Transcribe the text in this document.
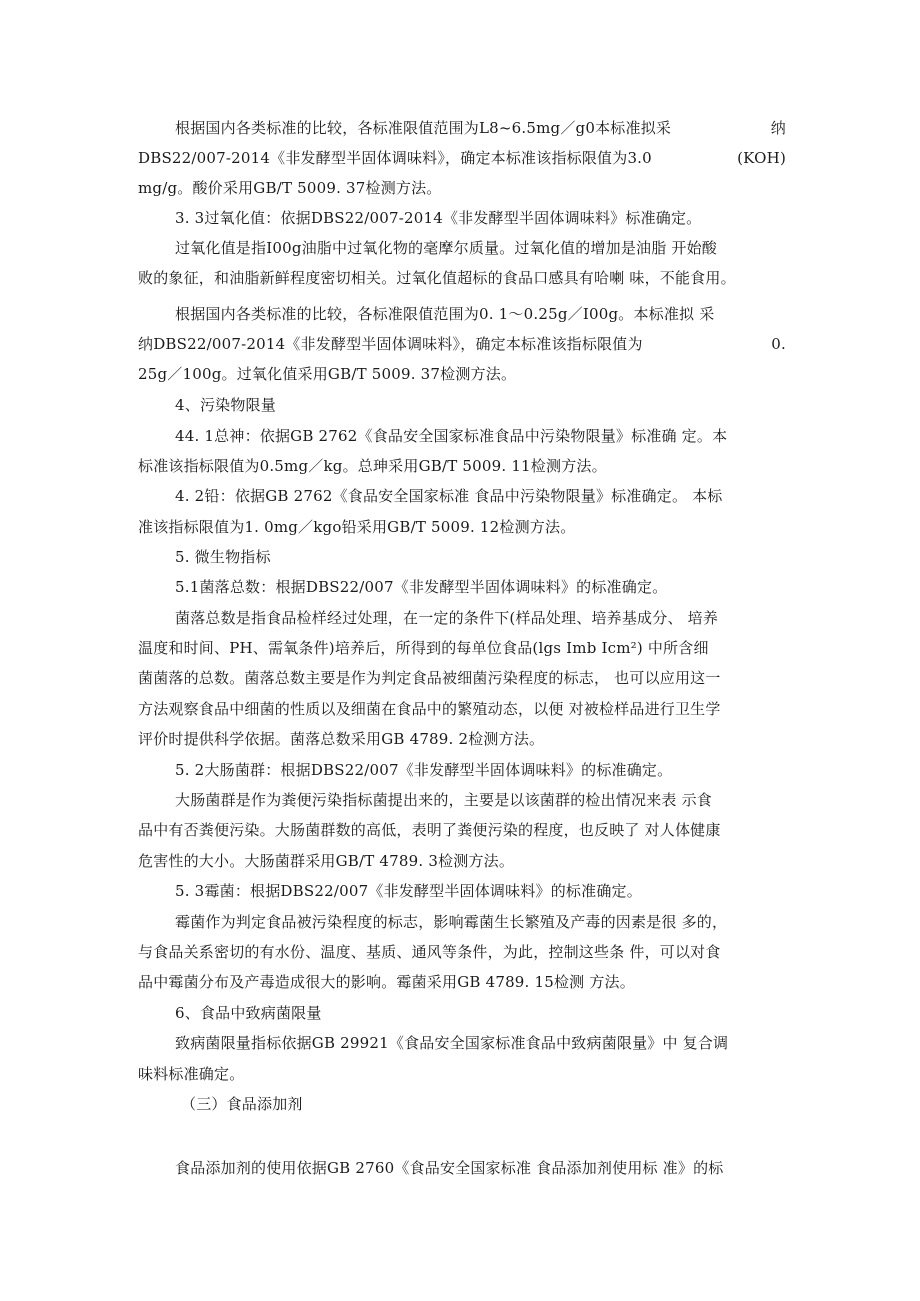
根据国内各类标准的比较，各标准限值范围为L8~6.5mg／g0本标准拟采	纳
DBS22/007-2014《非发酵型半固体调味料》，确定本标准该指标限值为3.0	(KOH)
mg/g。酸价采用GB/T 5009. 37检测方法。
3. 3过氧化值：依据DBS22/007-2014《非发酵型半固体调味料》标准确定。
过氧化值是指I00g油脂中过氧化物的毫摩尔质量。过氧化值的增加是油脂 开始酸
败的象征，和油脂新鲜程度密切相关。过氧化值超标的食品口感具有哈喇 味，不能食用。
根据国内各类标准的比较，各标准限值范围为0. 1～0.25g／I00g。本标准拟 采
纳DBS22/007-2014《非发酵型半固体调味料》，确定本标准该指标限值为	0.
25g／100g。过氧化值采用GB/T 5009. 37检测方法。
4、污染物限量
44. 1总神：依据GB 2762《食品安全国家标准食品中污染物限量》标准确 定。本
标准该指标限值为0.5mg／kg。总珅采用GB/T 5009. 11检测方法。
4. 2铅：依据GB 2762《食品安全国家标准 食品中污染物限量》标准确定。 本标
准该指标限值为1. 0mg／kgo铅采用GB/T 5009. 12检测方法。
5. 微生物指标
5.1菌落总数：根据DBS22/007《非发酵型半固体调味料》的标准确定。
菌落总数是指食品检样经过处理，在一定的条件下(样品处理、培养基成分、 培养
温度和时间、PH、需氧条件)培养后，所得到的每单位食品(lgs Imb Icm²) 中所含细
菌菌落的总数。菌落总数主要是作为判定食品被细菌污染程度的标志， 也可以应用这一
方法观察食品中细菌的性质以及细菌在食品中的繁殖动态，以便 对被检样品进行卫生学
评价时提供科学依据。菌落总数采用GB 4789. 2检测方法。
5. 2大肠菌群：根据DBS22/007《非发酵型半固体调味料》的标准确定。
大肠菌群是作为粪便污染指标菌提出来的，主要是以该菌群的检出情况来表 示食
品中有否粪便污染。大肠菌群数的高低，表明了粪便污染的程度，也反映了 对人体健康
危害性的大小。大肠菌群采用GB/T 4789. 3检测方法。
5. 3霉菌：根据DBS22/007《非发酵型半固体调味料》的标准确定。
霉菌作为判定食品被污染程度的标志，影响霉菌生长繁殖及产毒的因素是很 多的，
与食品关系密切的有水份、温度、基质、通风等条件，为此，控制这些条 件，可以对食
品中霉菌分布及产毒造成很大的影响。霉菌采用GB 4789. 15检测 方法。
6、食品中致病菌限量
致病菌限量指标依据GB 29921《食品安全国家标准食品中致病菌限量》中 复合调
味料标准确定。
（三）食品添加剂
食品添加剂的使用依据GB 2760《食品安全国家标准 食品添加剂使用标 准》的标
